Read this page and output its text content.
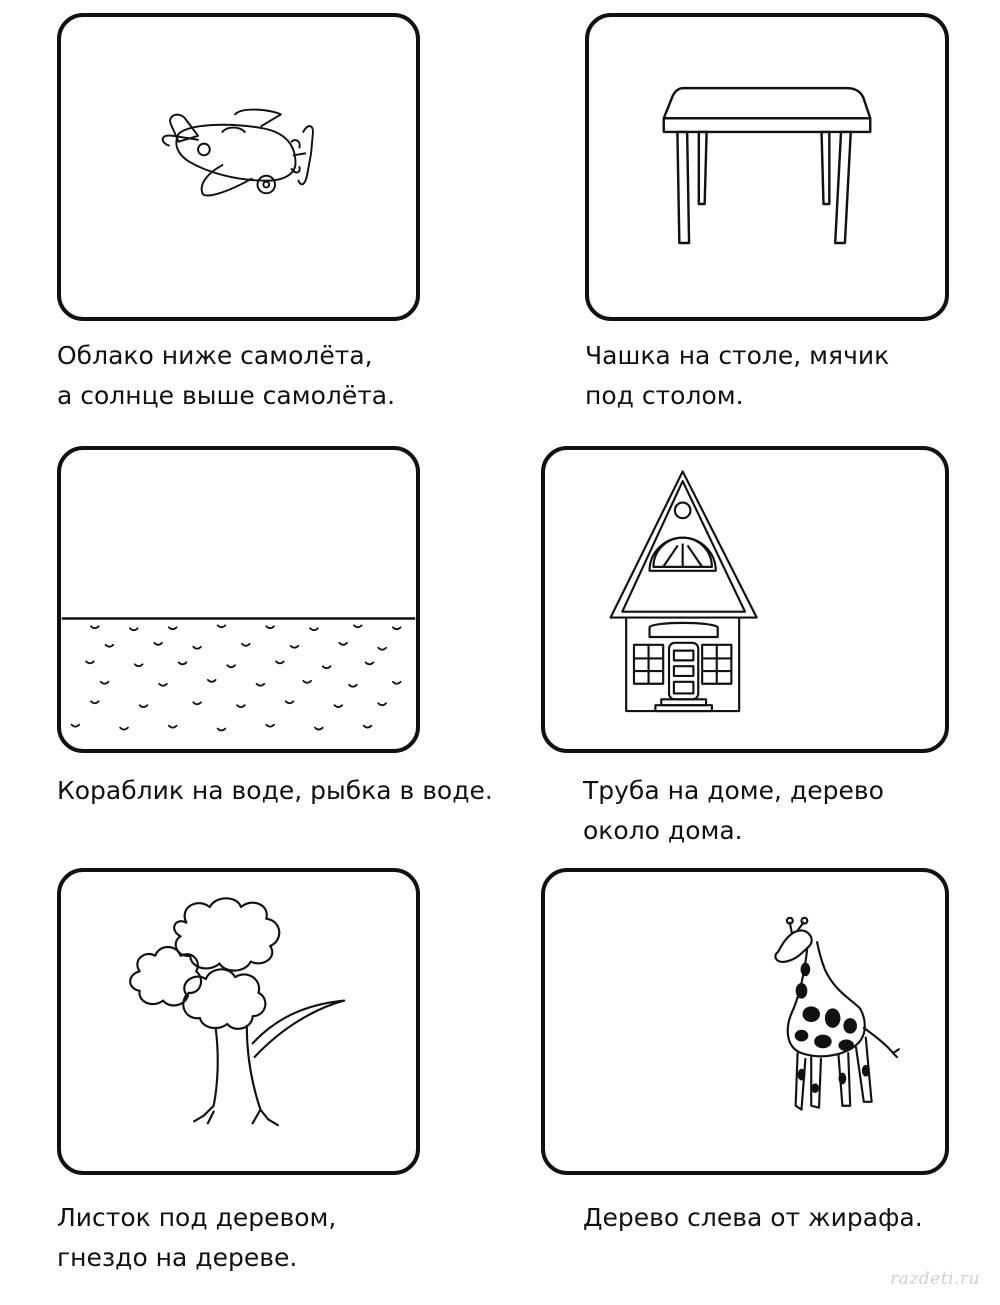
Облако ниже самолёта,
а солнце выше самолёта.

Чашка на столе, мячик
под столом.

Кораблик на воде, рыбка в воде.	Труба на доме, дерево
около дома.

Листок под деревом,
гнездо на дереве.

Дерево слева от жирафа.

razdeti.ru
